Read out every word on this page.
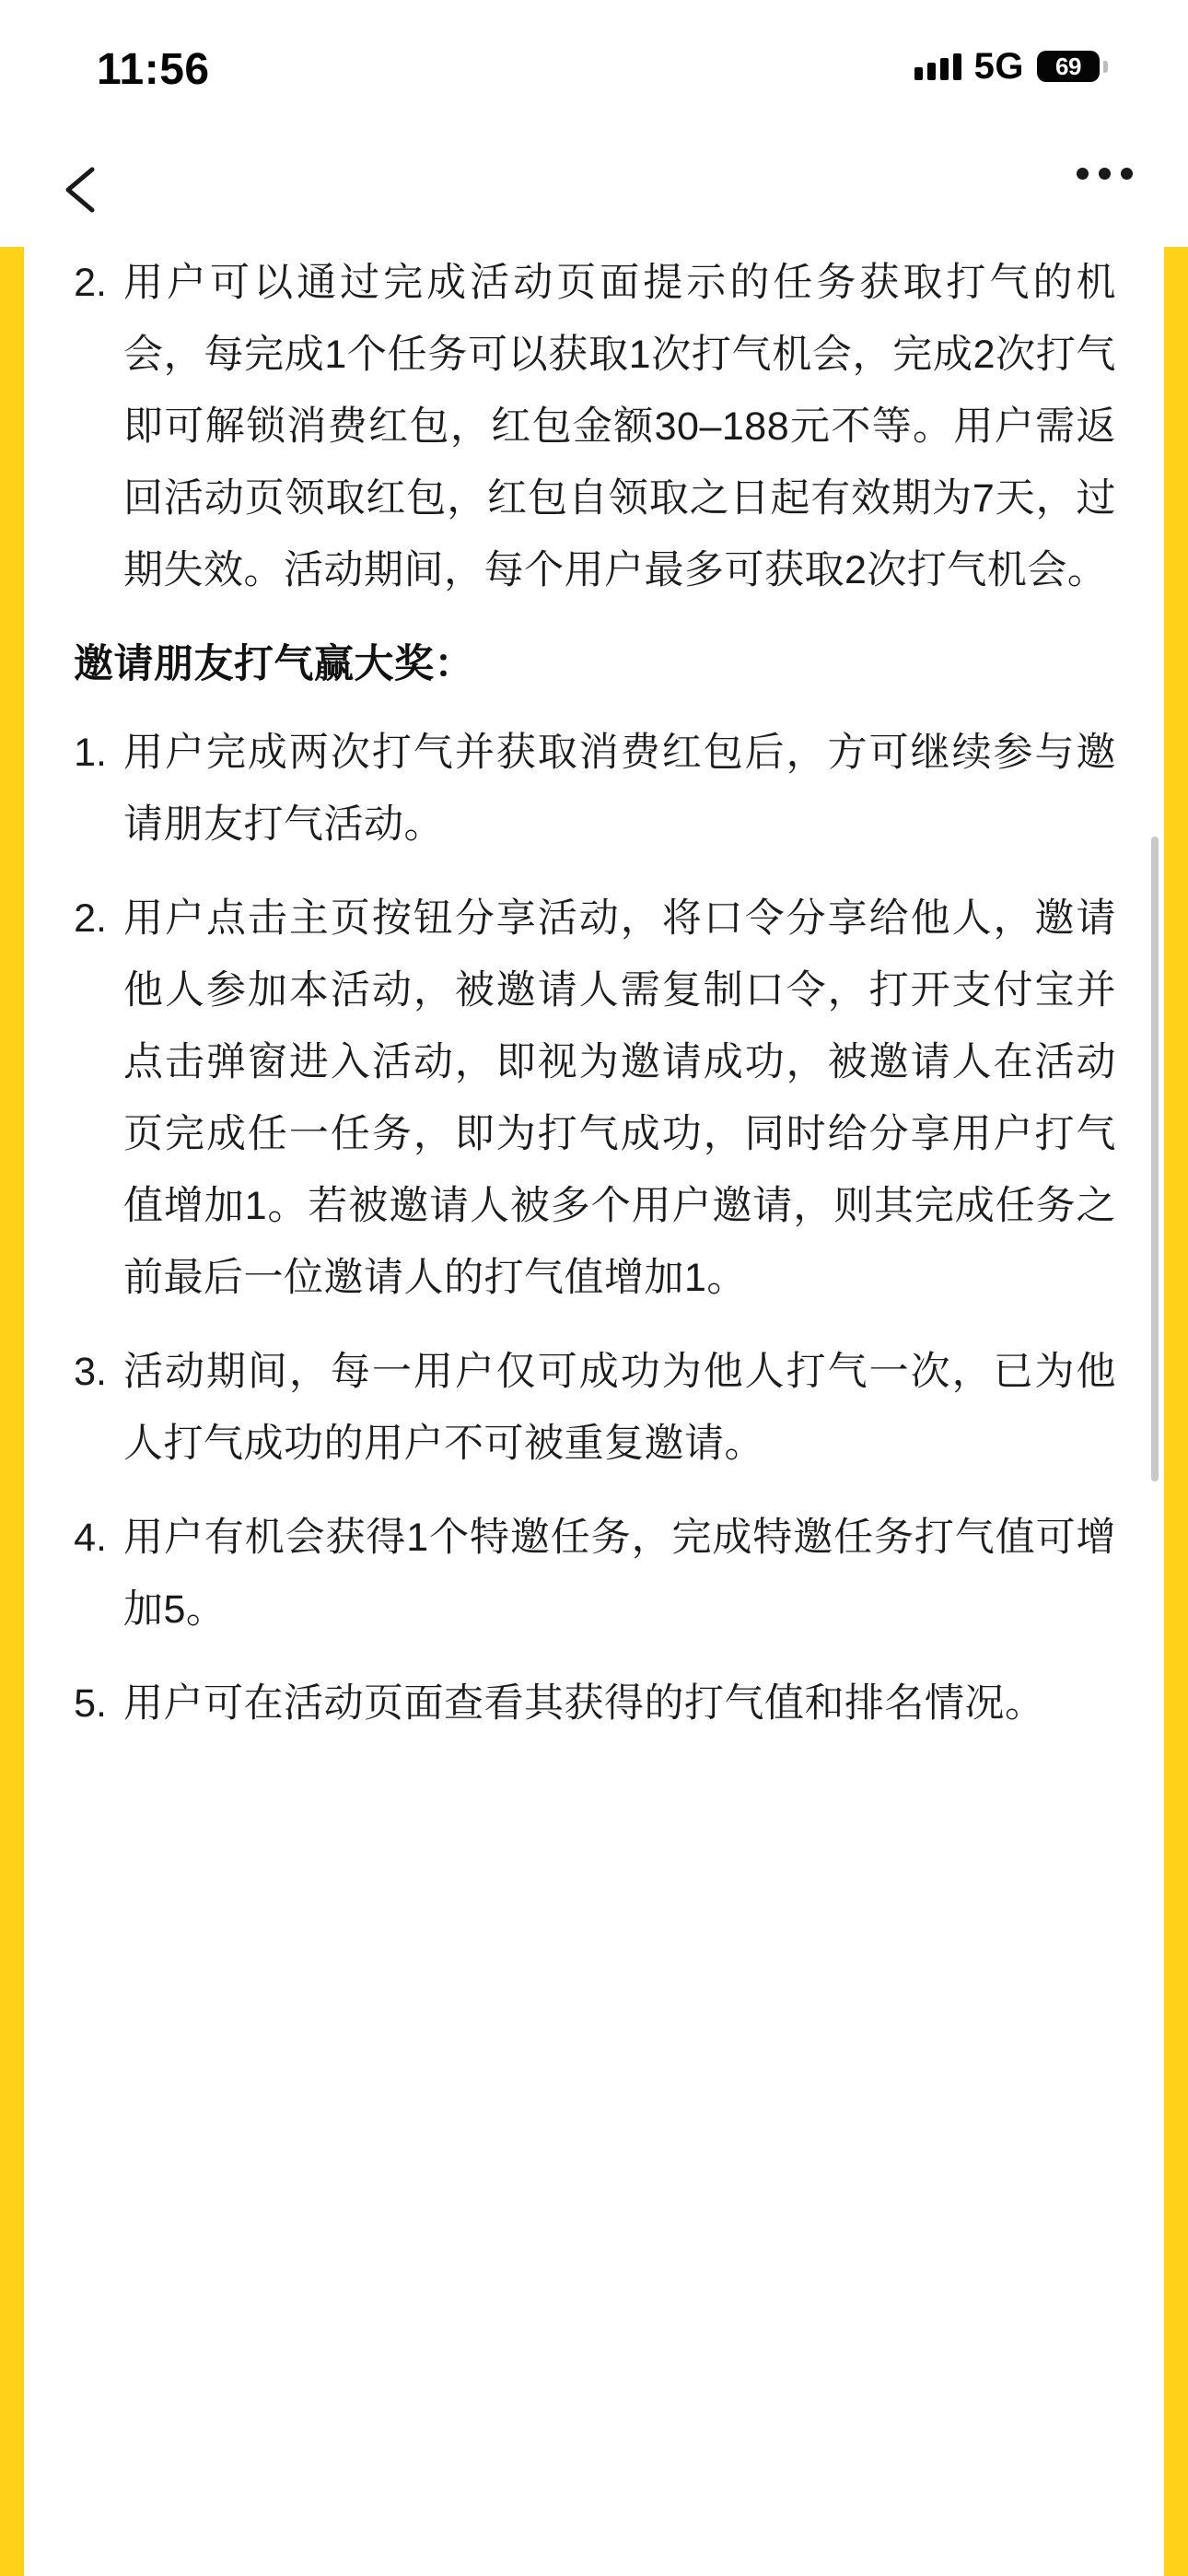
11:56	5G 69
2. 用户可以通过完成活动页面提示的任务获取打气的机会，每完成1个任务可以获取1次打气机会，完成2次打气即可解锁消费红包，红包金额30–188元不等。用户需返回活动页领取红包，红包自领取之日起有效期为7天，过期失效。活动期间，每个用户最多可获取2次打气机会。
邀请朋友打气赢大奖：
1. 用户完成两次打气并获取消费红包后，方可继续参与邀请朋友打气活动。
2. 用户点击主页按钮分享活动，将口令分享给他人，邀请他人参加本活动，被邀请人需复制口令，打开支付宝并点击弹窗进入活动，即视为邀请成功，被邀请人在活动页完成任一任务，即为打气成功，同时给分享用户打气值增加1。若被邀请人被多个用户邀请，则其完成任务之前最后一位邀请人的打气值增加1。
3. 活动期间，每一用户仅可成功为他人打气一次，已为他人打气成功的用户不可被重复邀请。
4. 用户有机会获得1个特邀任务，完成特邀任务打气值可增加5。
5. 用户可在活动页面查看其获得的打气值和排名情况。
